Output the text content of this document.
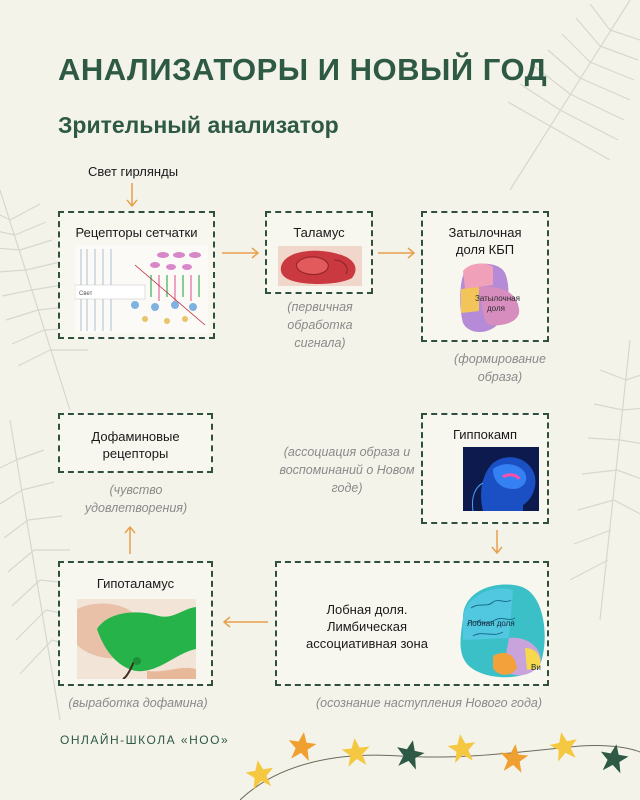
АНАЛИЗАТОРЫ И НОВЫЙ ГОД
Зрительный анализатор
Свет гирлянды
Рецепторы сетчатки
Свет
Таламус
(первичная обработка сигнала)
Затылочная доля КБП
Затылочная
доля
(формирование образа)
Гиппокамп
(ассоциация образа и воспоминаний о Новом годе)
Лобная доля. Лимбическая ассоциативная зона
Лобная доля
Ви
(осознание наступления Нового года)
Гипоталамус
(выработка дофамина)
Дофаминовые рецепторы
(чувство удовлетворения)
ОНЛАЙН-ШКОЛА «НОО»
